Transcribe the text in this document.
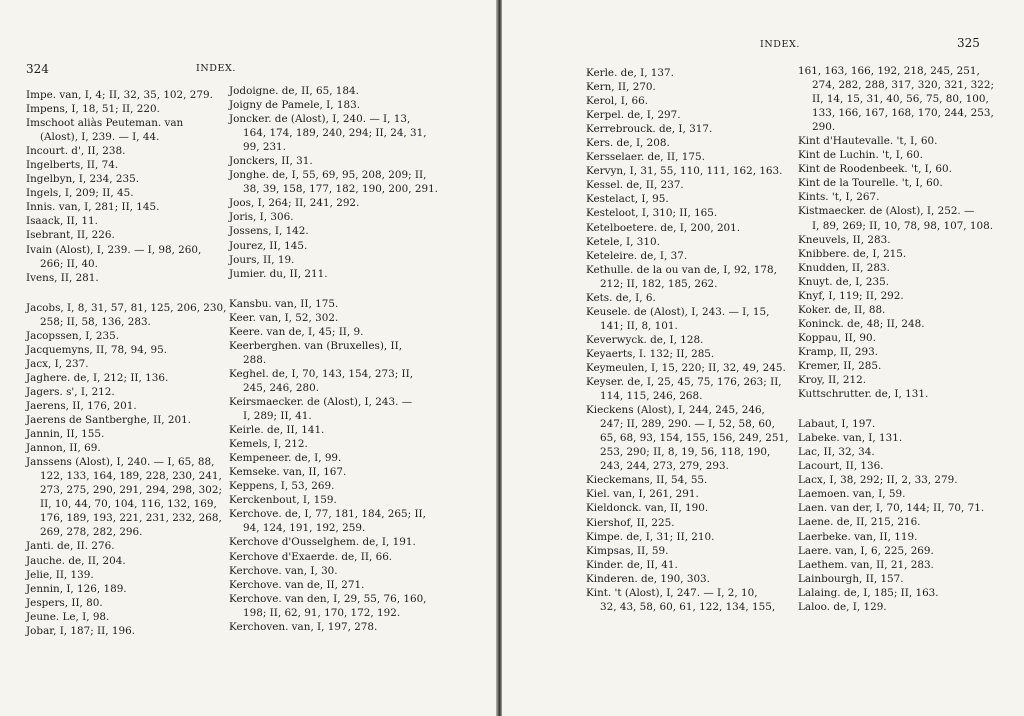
324	INDEX.
Impe. van, I, 4; II, 32, 35, 102, 279.
Impens, I, 18, 51; II, 220.
Imschoot aliàs Peuteman. van
(Alost), I, 239. — I, 44.
Incourt. d', II, 238.
Ingelberts, II, 74.
Ingelbyn, I, 234, 235.
Ingels, I, 209; II, 45.
Innis. van, I, 281; II, 145.
Isaack, II, 11.
Isebrant, II, 226.
Ivain (Alost), I, 239. — I, 98, 260,
266; II, 40.
Ivens, II, 281.
Jacobs, I, 8, 31, 57, 81, 125, 206, 230,
258; II, 58, 136, 283.
Jacopssen, I, 235.
Jacquemyns, II, 78, 94, 95.
Jacx, I, 237.
Jaghere. de, I, 212; II, 136.
Jagers. s', I, 212.
Jaerens, II, 176, 201.
Jaerens de Santberghe, II, 201.
Jannin, II, 155.
Jannon, II, 69.
Janssens (Alost), I, 240. — I, 65, 88,
122, 133, 164, 189, 228, 230, 241,
273, 275, 290, 291, 294, 298, 302;
II, 10, 44, 70, 104, 116, 132, 169,
176, 189, 193, 221, 231, 232, 268,
269, 278, 282, 296.
Janti. de, II. 276.
Jauche. de, II, 204.
Jelie, II, 139.
Jennin, I, 126, 189.
Jespers, II, 80.
Jeune. Le, I, 98.
Jobar, I, 187; II, 196.
Jodoigne. de, II, 65, 184.
Joigny de Pamele, I, 183.
Joncker. de (Alost), I, 240. — I, 13,
164, 174, 189, 240, 294; II, 24, 31,
99, 231.
Jonckers, II, 31.
Jonghe. de, I, 55, 69, 95, 208, 209; II,
38, 39, 158, 177, 182, 190, 200, 291.
Joos, I, 264; II, 241, 292.
Joris, I, 306.
Jossens, I, 142.
Jourez, II, 145.
Jours, II, 19.
Jumier. du, II, 211.
Kansbu. van, II, 175.
Keer. van, I, 52, 302.
Keere. van de, I, 45; II, 9.
Keerberghen. van (Bruxelles), II,
288.
Keghel. de, I, 70, 143, 154, 273; II,
245, 246, 280.
Keirsmaecker. de (Alost), I, 243. —
I, 289; II, 41.
Keirle. de, II, 141.
Kemels, I, 212.
Kempeneer. de, I, 99.
Kemseke. van, II, 167.
Keppens, I, 53, 269.
Kerckenbout, I, 159.
Kerchove. de, I, 77, 181, 184, 265; II,
94, 124, 191, 192, 259.
Kerchove d'Ousselghem. de, I, 191.
Kerchove d'Exaerde. de, II, 66.
Kerchove. van, I, 30.
Kerchove. van de, II, 271.
Kerchove. van den, I, 29, 55, 76, 160,
198; II, 62, 91, 170, 172, 192.
Kerchoven. van, I, 197, 278.
INDEX.	325
Kerle. de, I, 137.
Kern, II, 270.
Kerol, I, 66.
Kerpel. de, I, 297.
Kerrebrouck. de, I, 317.
Kers. de, I, 208.
Kersselaer. de, II, 175.
Kervyn, I, 31, 55, 110, 111, 162, 163.
Kessel. de, II, 237.
Kestelact, I, 95.
Kesteloot, I, 310; II, 165.
Ketelboetere. de, I, 200, 201.
Ketele, I, 310.
Keteleire. de, I, 37.
Kethulle. de la ou van de, I, 92, 178,
212; II, 182, 185, 262.
Kets. de, I, 6.
Keusele. de (Alost), I, 243. — I, 15,
141; II, 8, 101.
Keverwyck. de, I, 128.
Keyaerts, I. 132; II, 285.
Keymeulen, I, 15, 220; II, 32, 49, 245.
Keyser. de, I, 25, 45, 75, 176, 263; II,
114, 115, 246, 268.
Kieckens (Alost), I, 244, 245, 246,
247; II, 289, 290. — I, 52, 58, 60,
65, 68, 93, 154, 155, 156, 249, 251,
253, 290; II, 8, 19, 56, 118, 190,
243, 244, 273, 279, 293.
Kieckemans, II, 54, 55.
Kiel. van, I, 261, 291.
Kieldonck. van, II, 190.
Kiershof, II, 225.
Kimpe. de, I, 31; II, 210.
Kimpsas, II, 59.
Kinder. de, II, 41.
Kinderen. de, 190, 303.
Kint. 't (Alost), I, 247. — I, 2, 10,
32, 43, 58, 60, 61, 122, 134, 155,
161, 163, 166, 192, 218, 245, 251,
274, 282, 288, 317, 320, 321, 322;
II, 14, 15, 31, 40, 56, 75, 80, 100,
133, 166, 167, 168, 170, 244, 253,
290.
Kint d'Hautevalle. 't, I, 60.
Kint de Luchin. 't, I, 60.
Kint de Roodenbeek. 't, I, 60.
Kint de la Tourelle. 't, I, 60.
Kints. 't, I, 267.
Kistmaecker. de (Alost), I, 252. —
I, 89, 269; II, 10, 78, 98, 107, 108.
Kneuvels, II, 283.
Knibbere. de, I, 215.
Knudden, II, 283.
Knuyt. de, I, 235.
Knyf, I, 119; II, 292.
Koker. de, II, 88.
Koninck. de, 48; II, 248.
Koppau, II, 90.
Kramp, II, 293.
Kremer, II, 285.
Kroy, II, 212.
Kuttschrutter. de, I, 131.
Labaut, I, 197.
Labeke. van, I, 131.
Lac, II, 32, 34.
Lacourt, II, 136.
Lacx, I, 38, 292; II, 2, 33, 279.
Laemoen. van, I, 59.
Laen. van der, I, 70, 144; II, 70, 71.
Laene. de, II, 215, 216.
Laerbeke. van, II, 119.
Laere. van, I, 6, 225, 269.
Laethem. van, II, 21, 283.
Lainbourgh, II, 157.
Lalaing. de, I, 185; II, 163.
Laloo. de, I, 129.
